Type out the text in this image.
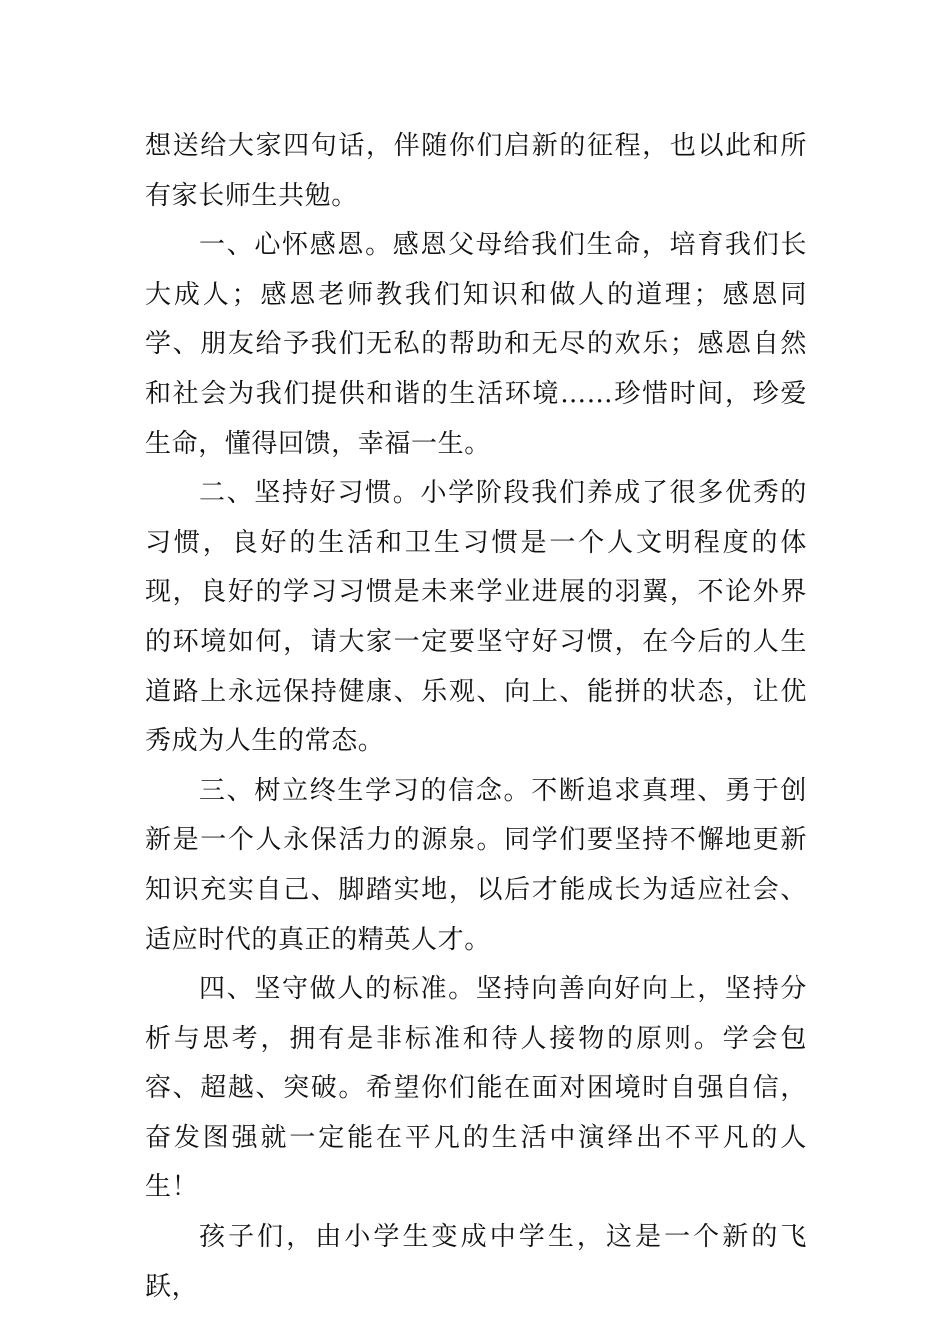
想送给大家四句话，伴随你们启新的征程，也以此和所有家长师生共勉。

一、心怀感恩。感恩父母给我们生命，培育我们长大成人；感恩老师教我们知识和做人的道理；感恩同学、朋友给予我们无私的帮助和无尽的欢乐；感恩自然和社会为我们提供和谐的生活环境……珍惜时间，珍爱生命，懂得回馈，幸福一生。

二、坚持好习惯。小学阶段我们养成了很多优秀的习惯，良好的生活和卫生习惯是一个人文明程度的体现，良好的学习习惯是未来学业进展的羽翼，不论外界的环境如何，请大家一定要坚守好习惯，在今后的人生道路上永远保持健康、乐观、向上、能拼的状态，让优秀成为人生的常态。

三、树立终生学习的信念。不断追求真理、勇于创新是一个人永保活力的源泉。同学们要坚持不懈地更新知识充实自己、脚踏实地，以后才能成长为适应社会、适应时代的真正的精英人才。

四、坚守做人的标准。坚持向善向好向上，坚持分析与思考，拥有是非标准和待人接物的原则。学会包容、超越、突破。希望你们能在面对困境时自强自信，奋发图强就一定能在平凡的生活中演绎出不平凡的人生！

孩子们，由小学生变成中学生，这是一个新的飞跃，
